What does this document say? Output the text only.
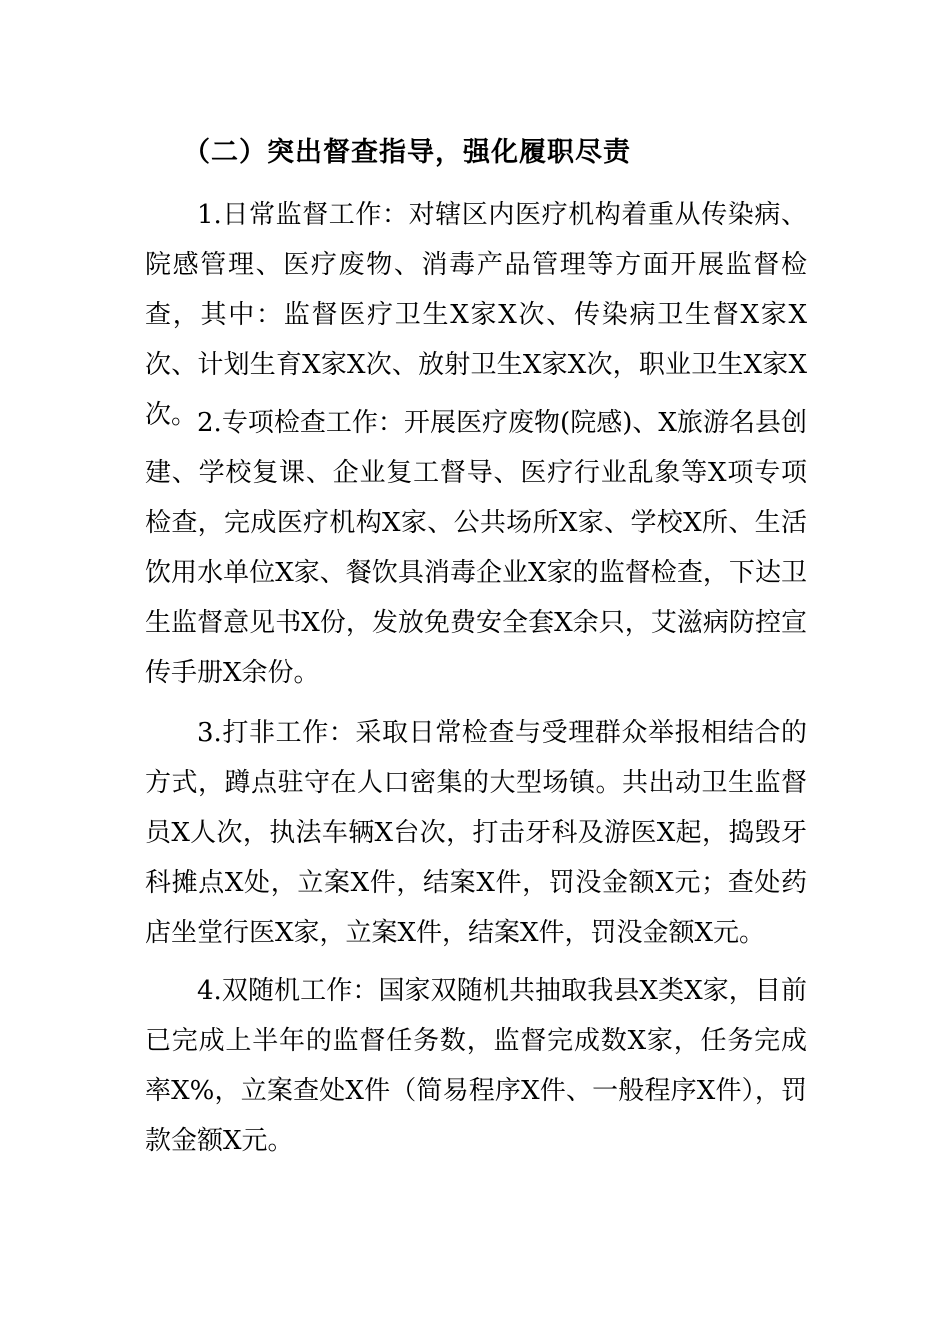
（二）突出督查指导，强化履职尽责

1.日常监督工作：对辖区内医疗机构着重从传染病、院感管理、医疗废物、消毒产品管理等方面开展监督检查，其中：监督医疗卫生X家X次、传染病卫生督X家X次、计划生育X家X次、放射卫生X家X次，职业卫生X家X次。 2.专项检查工作：开展医疗废物(院感)、X旅游名县创建、学校复课、企业复工督导、医疗行业乱象等X项专项检查，完成医疗机构X家、公共场所X家、学校X所、生活饮用水单位X家、餐饮具消毒企业X家的监督检查，下达卫生监督意见书X份，发放免费安全套X余只，艾滋病防控宣传手册X余份。

3.打非工作：采取日常检查与受理群众举报相结合的方式，蹲点驻守在人口密集的大型场镇。共出动卫生监督员X人次，执法车辆X台次，打击牙科及游医X起，捣毁牙科摊点X处，立案X件，结案X件，罚没金额X元；查处药店坐堂行医X家，立案X件，结案X件，罚没金额X元。

4.双随机工作：国家双随机共抽取我县X类X家，目前已完成上半年的监督任务数，监督完成数X家，任务完成率X%，立案查处X件（简易程序X件、一般程序X件），罚款金额X元。
